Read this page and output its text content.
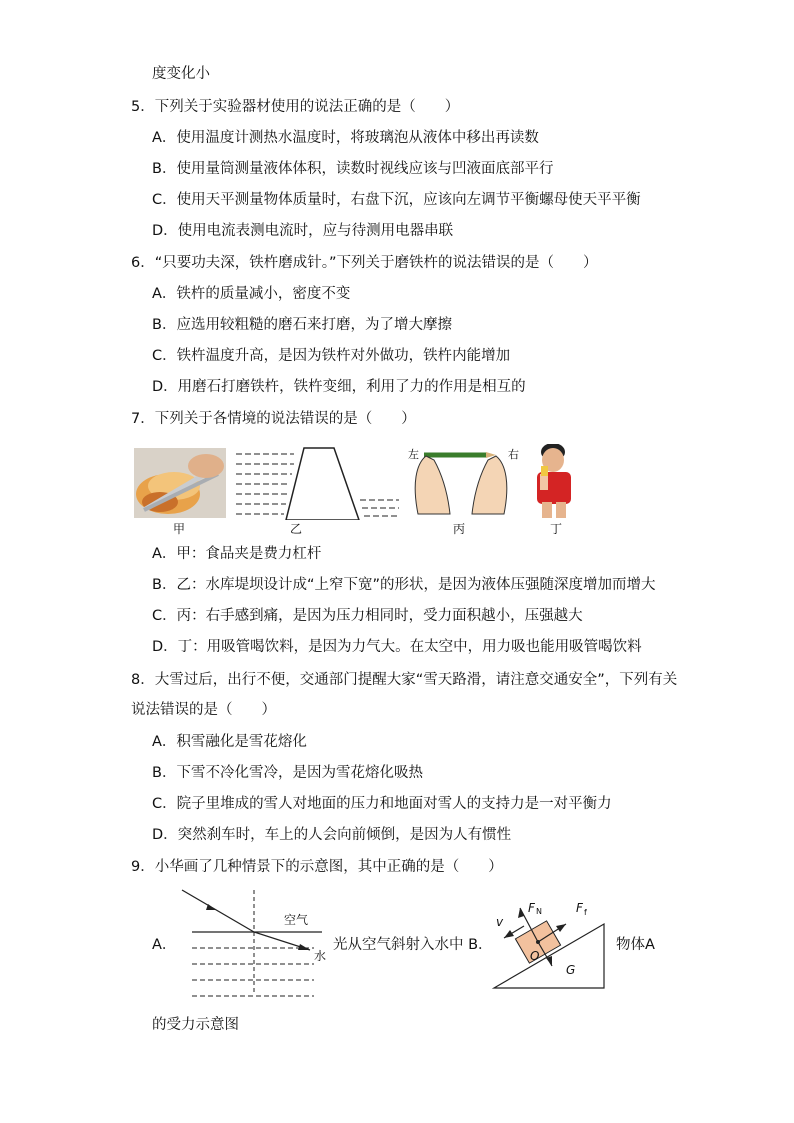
度变化小
5．下列关于实验器材使用的说法正确的是（　　）
A．使用温度计测热水温度时，将玻璃泡从液体中移出再读数
B．使用量筒测量液体体积，读数时视线应该与凹液面底部平行
C．使用天平测量物体质量时，右盘下沉，应该向左调节平衡螺母使天平平衡
D．使用电流表测电流时，应与待测用电器串联
6．“只要功夫深，铁杵磨成针。”下列关于磨铁杵的说法错误的是（　　）
A．铁杵的质量减小，密度不变
B．应选用较粗糙的磨石来打磨，为了增大摩擦
C．铁杵温度升高，是因为铁杵对外做功，铁杵内能增加
D．用磨石打磨铁杵，铁杵变细，利用了力的作用是相互的
7．下列关于各情境的说法错误的是（　　）
左	右
甲	乙	丙	丁
A．甲：食品夹是费力杠杆
B．乙：水库堤坝设计成“上窄下宽”的形状，是因为液体压强随深度增加而增大
C．丙：右手感到痛，是因为压力相同时，受力面积越小，压强越大
D．丁：用吸管喝饮料，是因为力气大。在太空中，用力吸也能用吸管喝饮料
8．大雪过后，出行不便，交通部门提醒大家“雪天路滑，请注意交通安全”，下列有关
说法错误的是（　　）
A．积雪融化是雪花熔化
B．下雪不冷化雪冷，是因为雪花熔化吸热
C．院子里堆成的雪人对地面的压力和地面对雪人的支持力是一对平衡力
D．突然刹车时，车上的人会向前倾倒，是因为人有惯性
9．小华画了几种情景下的示意图，其中正确的是（　　）
A．
空气
水
光从空气斜射入水中 B．
F N	F f
v
O
G
物体A
的受力示意图
